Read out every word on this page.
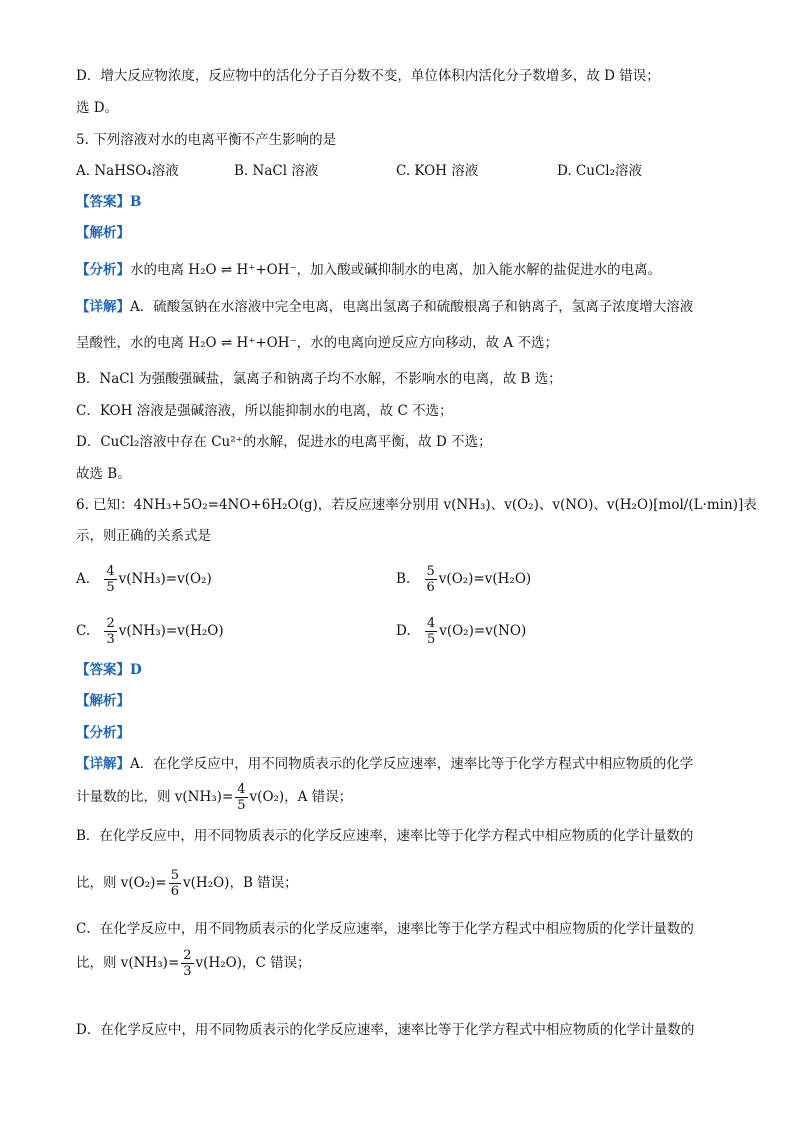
D．增大反应物浓度，反应物中的活化分子百分数不变，单位体积内活化分子数增多，故 D 错误；
选 D。
5. 下列溶液对水的电离平衡不产生影响的是
A. NaHSO₄溶液	B. NaCl 溶液	C. KOH 溶液	D. CuCl₂溶液
【答案】B
【解析】
【分析】水的电离 H₂O ⇌ H⁺+OH⁻，加入酸或碱抑制水的电离，加入能水解的盐促进水的电离。
【详解】A．硫酸氢钠在水溶液中完全电离，电离出氢离子和硫酸根离子和钠离子，氢离子浓度增大溶液
呈酸性，水的电离 H₂O ⇌ H⁺+OH⁻，水的电离向逆反应方向移动，故 A 不选；
B．NaCl 为强酸强碱盐，氯离子和钠离子均不水解，不影响水的电离，故 B 选；
C．KOH 溶液是强碱溶液，所以能抑制水的电离，故 C 不选；
D．CuCl₂溶液中存在 Cu²⁺的水解，促进水的电离平衡，故 D 不选；
故选 B。
6. 已知：4NH₃+5O₂=4NO+6H₂O(g)，若反应速率分别用 v(NH₃)、v(O₂)、v(NO)、v(H₂O)[mol/(L·min)]表
示，则正确的关系式是
A. $\frac{4}{5} v(NH_3)=v(O_2)$	B. $\frac{5}{6} v(O_2)=v(H_2O)$
C. $\frac{2}{3} v(NH_3)=v(H_2O)$	D. $\frac{4}{5} v(O_2)=v(NO)$
【答案】D
【解析】
【分析】
【详解】A．在化学反应中，用不同物质表示的化学反应速率，速率比等于化学方程式中相应物质的化学
计量数的比，则 $v(NH_3)= \frac{4}{5} v(O_2)$，A 错误；
B．在化学反应中，用不同物质表示的化学反应速率，速率比等于化学方程式中相应物质的化学计量数的
比，则 $v(O_2)= \frac{5}{6} v(H_2O)$，B 错误；
C．在化学反应中，用不同物质表示的化学反应速率，速率比等于化学方程式中相应物质的化学计量数的
比，则 $v(NH_3)= \frac{2}{3} v(H_2O)$，C 错误；
D．在化学反应中，用不同物质表示的化学反应速率，速率比等于化学方程式中相应物质的化学计量数的
